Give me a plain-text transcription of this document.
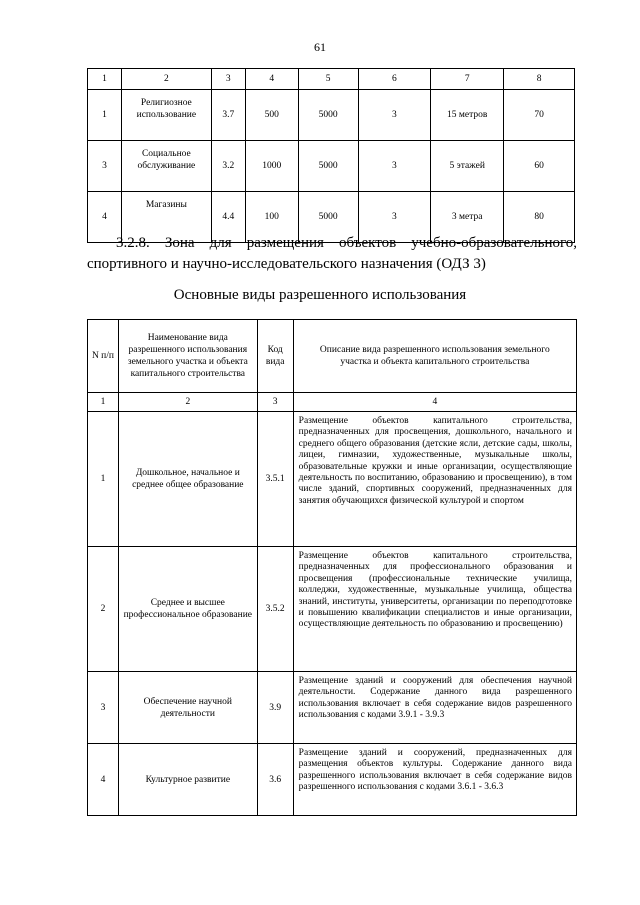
61
1	2	3	4	5	6	7	8
1	Религиозное использование	3.7	500	5000	3	15 метров	70
3	Социальное обслуживание	3.2	1000	5000	3	5 этажей	60
4	Магазины	4.4	100	5000	3	3 метра	80
3.2.8. Зона для размещения объектов учебно-образовательного,
спортивного и научно-исследовательского назначения (ОДЗ 3)
Основные виды разрешенного использования
N п/п	Наименование вида разрешенного использования земельного участка и объекта капитального строительства	Код вида	Описание вида разрешенного использования земельного участка и объекта капитального строительства
1	2	3	4
1	Дошкольное, начальное и среднее общее образование	3.5.1	Размещение объектов капитального строительства, предназначенных для просвещения, дошкольного, начального и среднего общего образования (детские ясли, детские сады, школы, лицеи, гимназии, художественные, музыкальные школы, образовательные кружки и иные организации, осуществляющие деятельность по воспитанию, образованию и просвещению), в том числе зданий, спортивных сооружений, предназначенных для занятия обучающихся физической культурой и спортом
2	Среднее и высшее профессиональное образование	3.5.2	Размещение объектов капитального строительства, предназначенных для профессионального образования и просвещения (профессиональные технические училища, колледжи, художественные, музыкальные училища, общества знаний, институты, университеты, организации по переподготовке и повышению квалификации специалистов и иные организации, осуществляющие деятельность по образованию и просвещению)
3	Обеспечение научной деятельности	3.9	Размещение зданий и сооружений для обеспечения научной деятельности. Содержание данного вида разрешенного использования включает в себя содержание видов разрешенного использования с кодами 3.9.1 - 3.9.3
4	Культурное развитие	3.6	Размещение зданий и сооружений, предназначенных для размещения объектов культуры. Содержание данного вида разрешенного использования включает в себя содержание видов разрешенного использования с кодами 3.6.1 - 3.6.3
